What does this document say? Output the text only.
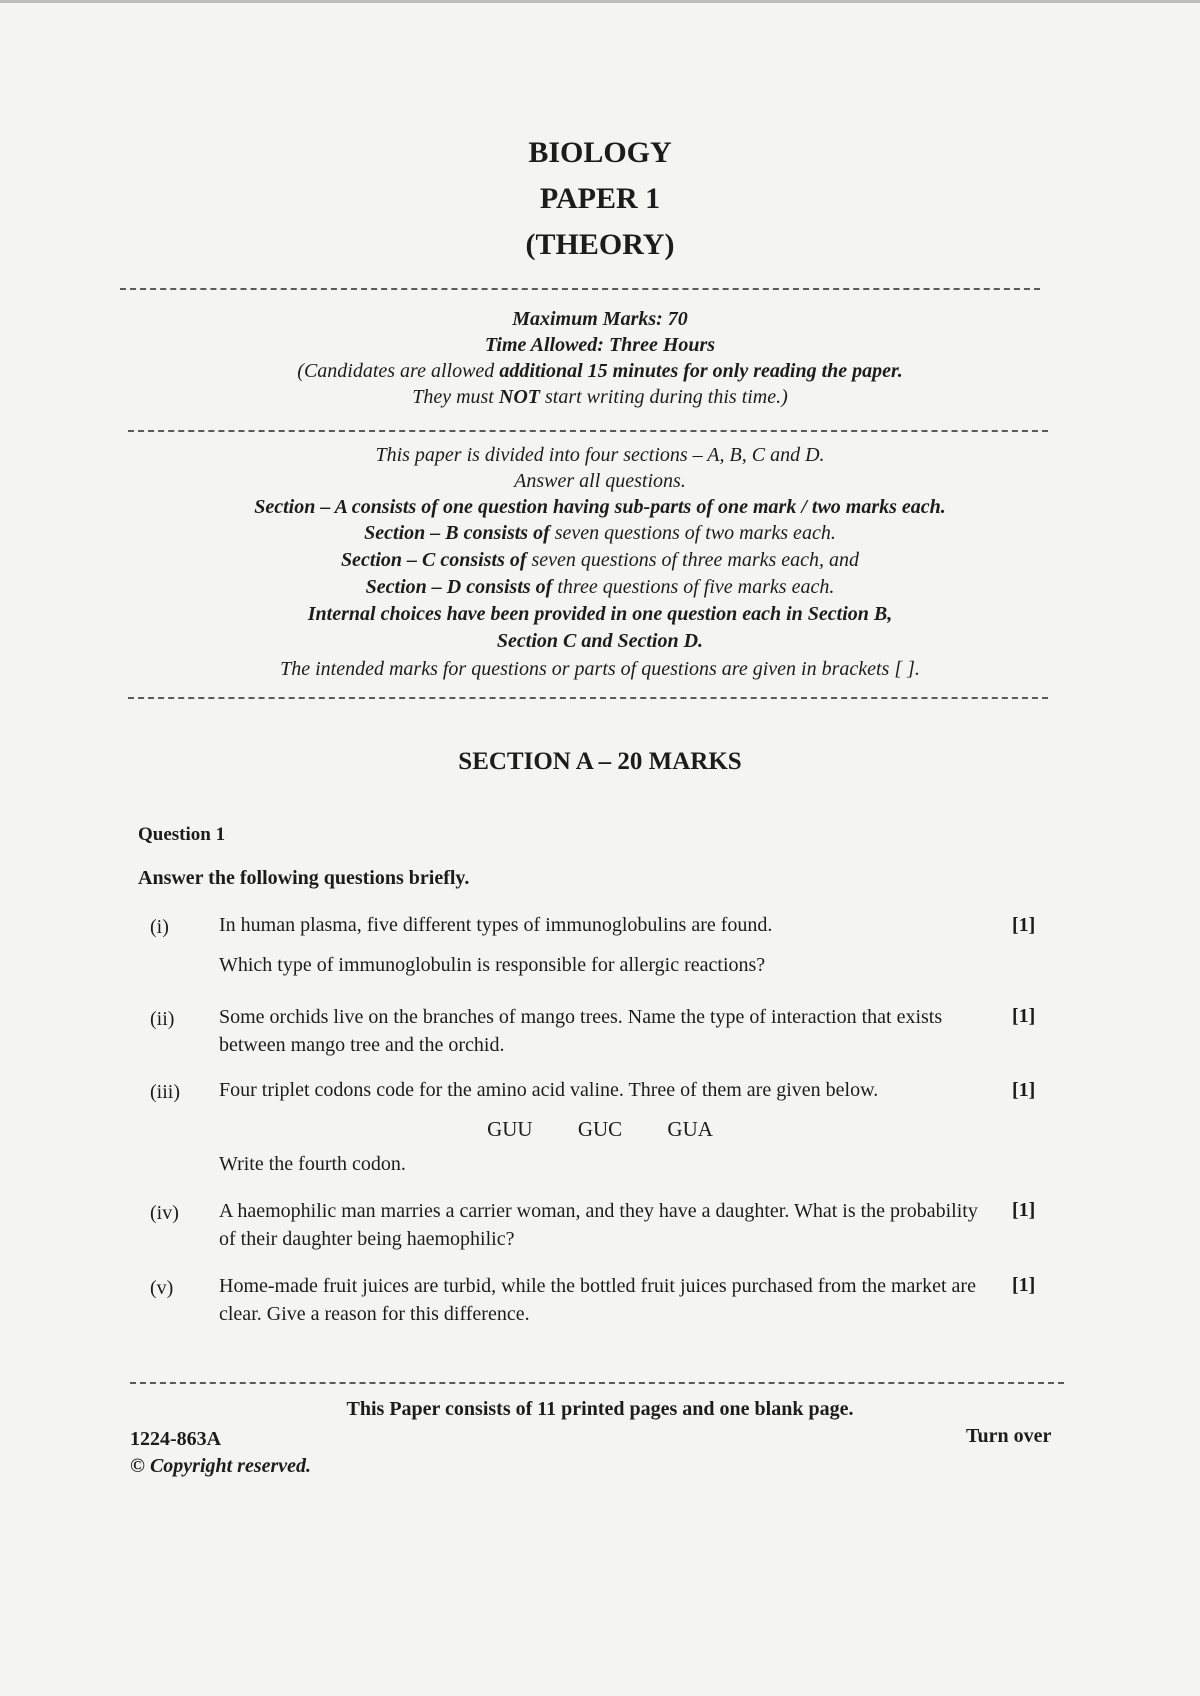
BIOLOGY
PAPER 1
(THEORY)
Maximum Marks: 70
Time Allowed: Three Hours
(Candidates are allowed additional 15 minutes for only reading the paper.
They must NOT start writing during this time.)
This paper is divided into four sections – A, B, C and D.
Answer all questions.
Section – A consists of one question having sub-parts of one mark / two marks each.
Section – B consists of seven questions of two marks each.
Section – C consists of seven questions of three marks each, and
Section – D consists of three questions of five marks each.
Internal choices have been provided in one question each in Section B,
Section C and Section D.
The intended marks for questions or parts of questions are given in brackets [ ].
SECTION A – 20 MARKS
Question 1
Answer the following questions briefly.
(i)	In human plasma, five different types of immunoglobulins are found.	[1]
Which type of immunoglobulin is responsible for allergic reactions?
(ii)	Some orchids live on the branches of mango trees. Name the type of interaction that exists between mango tree and the orchid.
[1]
(iii)	Four triplet codons code for the amino acid valine. Three of them are given below.	[1]
GUU GUC GUA
Write the fourth codon.
(iv)	A haemophilic man marries a carrier woman, and they have a daughter. What is the probability of their daughter being haemophilic?
[1]
(v)	Home-made fruit juices are turbid, while the bottled fruit juices purchased from the market are clear. Give a reason for this difference.
[1]
This Paper consists of 11 printed pages and one blank page.
1224-863A
© Copyright reserved.
Turn over
